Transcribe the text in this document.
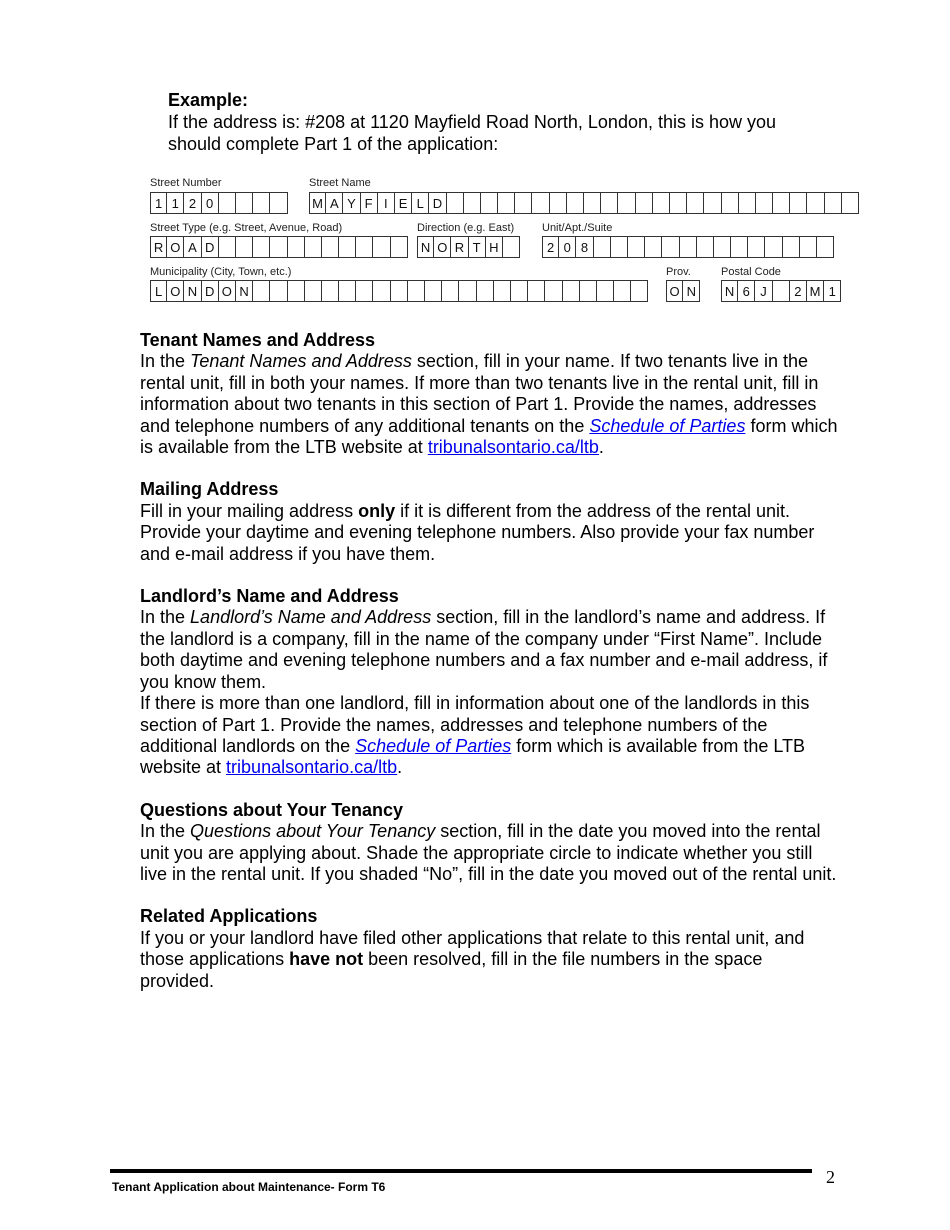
Example:
If the address is: #208 at 1120 Mayfield Road North, London, this is how you
should complete Part 1 of the application:
Street Number
1 1 2 0
Street Name
M A Y F I E L D
Street Type (e.g. Street, Avenue, Road)
R O A D
Direction (e.g. East)
N O R T H
Unit/Apt./Suite
2 0 8
Municipality (City, Town, etc.)
L O N D O N
Prov.
O N
Postal Code
N 6 J	2 M 1
Tenant Names and Address

In the Tenant Names and Address section, fill in your name. If two tenants live in the rental unit, fill in both your names. If more than two tenants live in the rental unit, fill in information about two tenants in this section of Part 1. Provide the names, addresses and telephone numbers of any additional tenants on the Schedule of Parties form which is available from the LTB website at tribunalsontario.ca/ltb.

Mailing Address

Fill in your mailing address only if it is different from the address of the rental unit. Provide your daytime and evening telephone numbers. Also provide your fax number and e-mail address if you have them.

Landlord’s Name and Address

In the Landlord’s Name and Address section, fill in the landlord’s name and address. If the landlord is a company, fill in the name of the company under “First Name”. Include both daytime and evening telephone numbers and a fax number and e-mail address, if you know them.

If there is more than one landlord, fill in information about one of the landlords in this section of Part 1. Provide the names, addresses and telephone numbers of the additional landlords on the Schedule of Parties form which is available from the LTB website at tribunalsontario.ca/ltb.

Questions about Your Tenancy

In the Questions about Your Tenancy section, fill in the date you moved into the rental unit you are applying about. Shade the appropriate circle to indicate whether you still live in the rental unit. If you shaded “No”, fill in the date you moved out of the rental unit.

Related Applications

If you or your landlord have filed other applications that relate to this rental unit, and those applications have not been resolved, fill in the file numbers in the space provided.

Tenant Application about Maintenance- Form T6	2
